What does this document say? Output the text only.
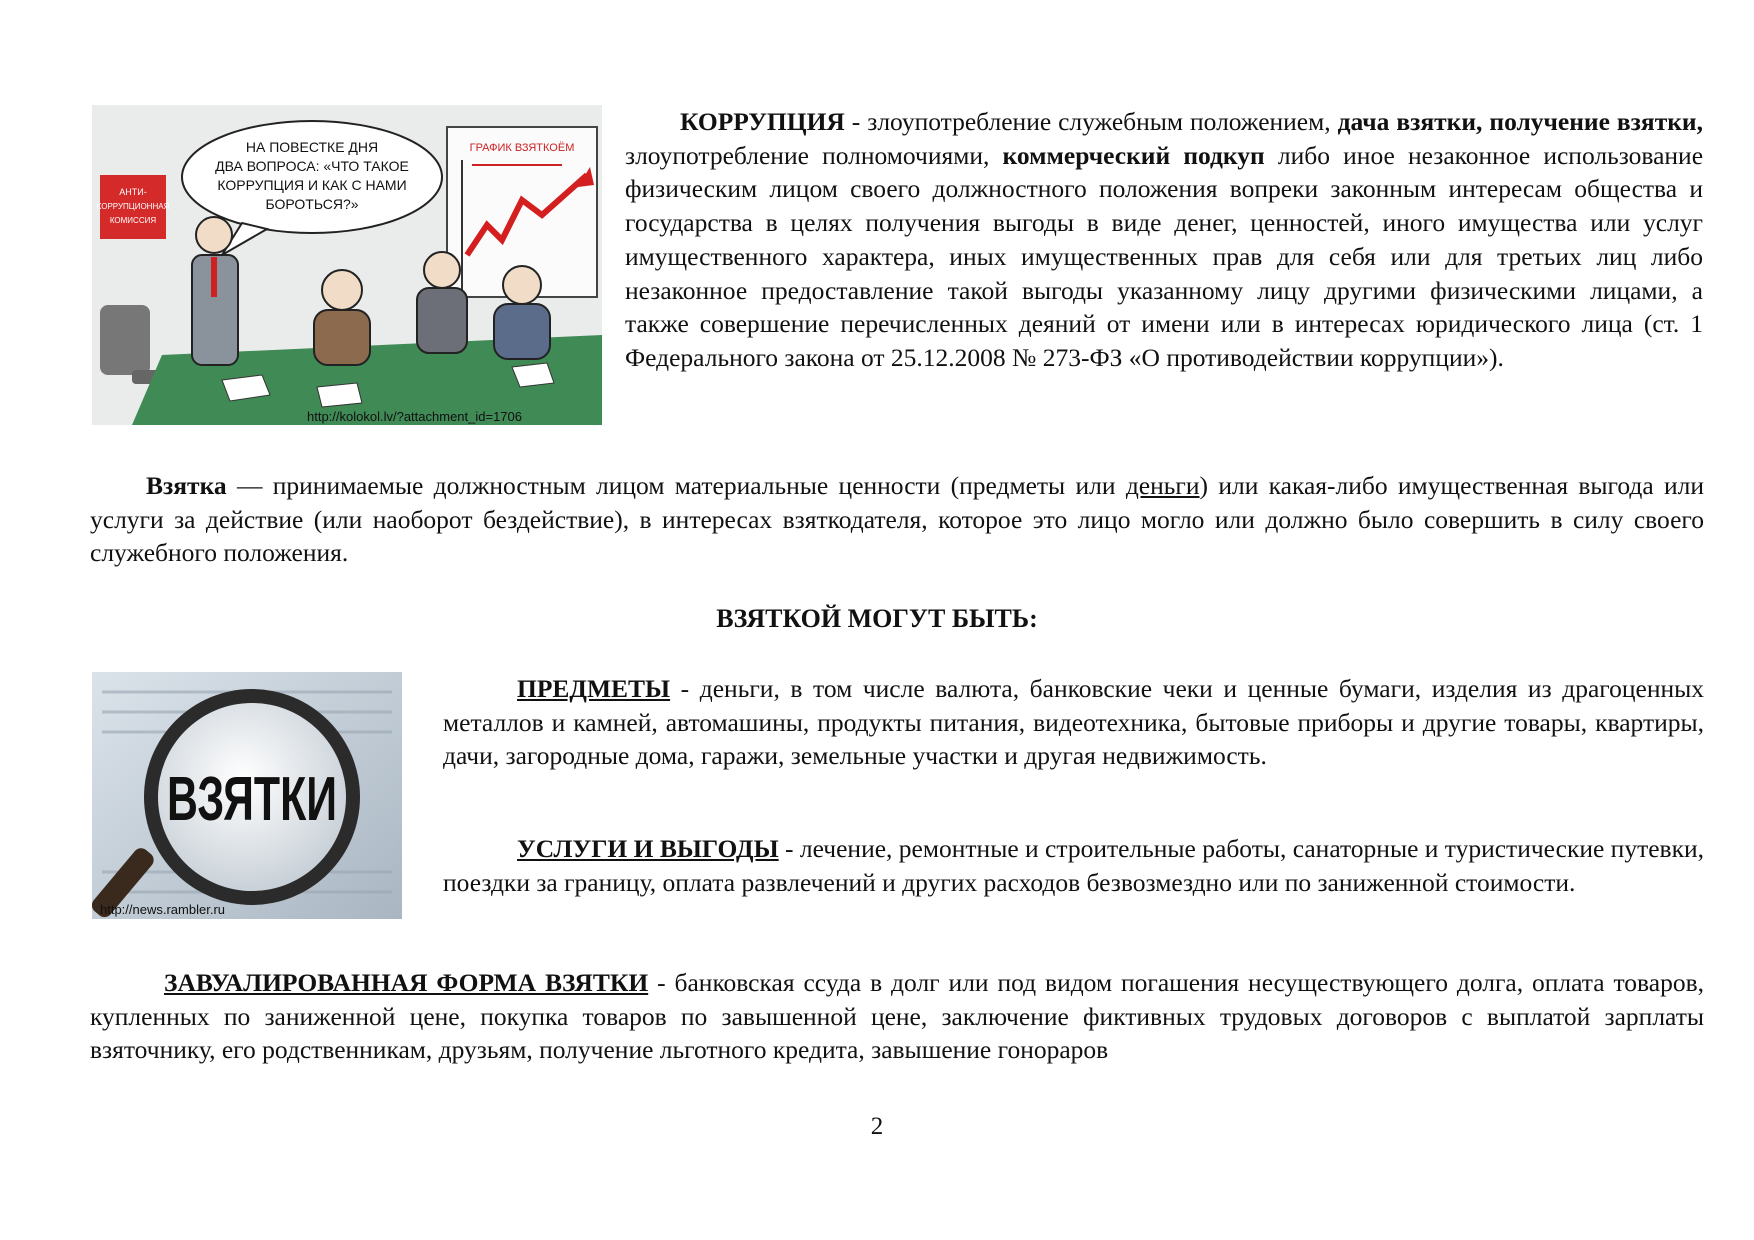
АНТИ-
КОРРУПЦИОННАЯ
КОМИССИЯ
НА ПОВЕСТКЕ ДНЯ
ДВА ВОПРОСА: «ЧТО ТАКОЕ
КОРРУПЦИЯ И КАК С НАМИ
БОРОТЬСЯ?»
ГРАФИК ВЗЯТКОЁМ
http://kolokol.lv/?attachment_id=1706

КОРРУПЦИЯ - злоупотребление служебным положением, дача взятки, получение взятки, злоупотребление полномочиями, коммерческий подкуп либо иное незаконное использование физическим лицом своего должностного положения вопреки законным интересам общества и государства в целях получения выгоды в виде денег, ценностей, иного имущества или услуг имущественного характера, иных имущественных прав для себя или для третьих лиц либо незаконное предоставление такой выгоды указанному лицу другими физическими лицами, а также совершение перечисленных деяний от имени или в интересах юридического лица (ст. 1 Федерального закона от 25.12.2008 № 273-ФЗ «О противодействии коррупции»).

Взятка — принимаемые должностным лицом материальные ценности (предметы или деньги) или какая-либо имущественная выгода или услуги за действие (или наоборот бездействие), в интересах взяткодателя, которое это лицо могло или должно было совершить в силу своего служебного положения.

ВЗЯТКОЙ МОГУТ БЫТЬ:

ВЗЯТКИ
http://news.rambler.ru

ПРЕДМЕТЫ - деньги, в том числе валюта, банковские чеки и ценные бумаги, изделия из драгоценных металлов и камней, автомашины, продукты питания, видеотехника, бытовые приборы и другие товары, квартиры, дачи, загородные дома, гаражи, земельные участки и другая недвижимость.

УСЛУГИ И ВЫГОДЫ - лечение, ремонтные и строительные работы, санаторные и туристические путевки, поездки за границу, оплата развлечений и других расходов безвозмездно или по заниженной стоимости.

ЗАВУАЛИРОВАННАЯ ФОРМА ВЗЯТКИ - банковская ссуда в долг или под видом погашения несуществующего долга, оплата товаров, купленных по заниженной цене, покупка товаров по завышенной цене, заключение фиктивных трудовых договоров с выплатой зарплаты взяточнику, его родственникам, друзьям, получение льготного кредита, завышение гонораров

2
